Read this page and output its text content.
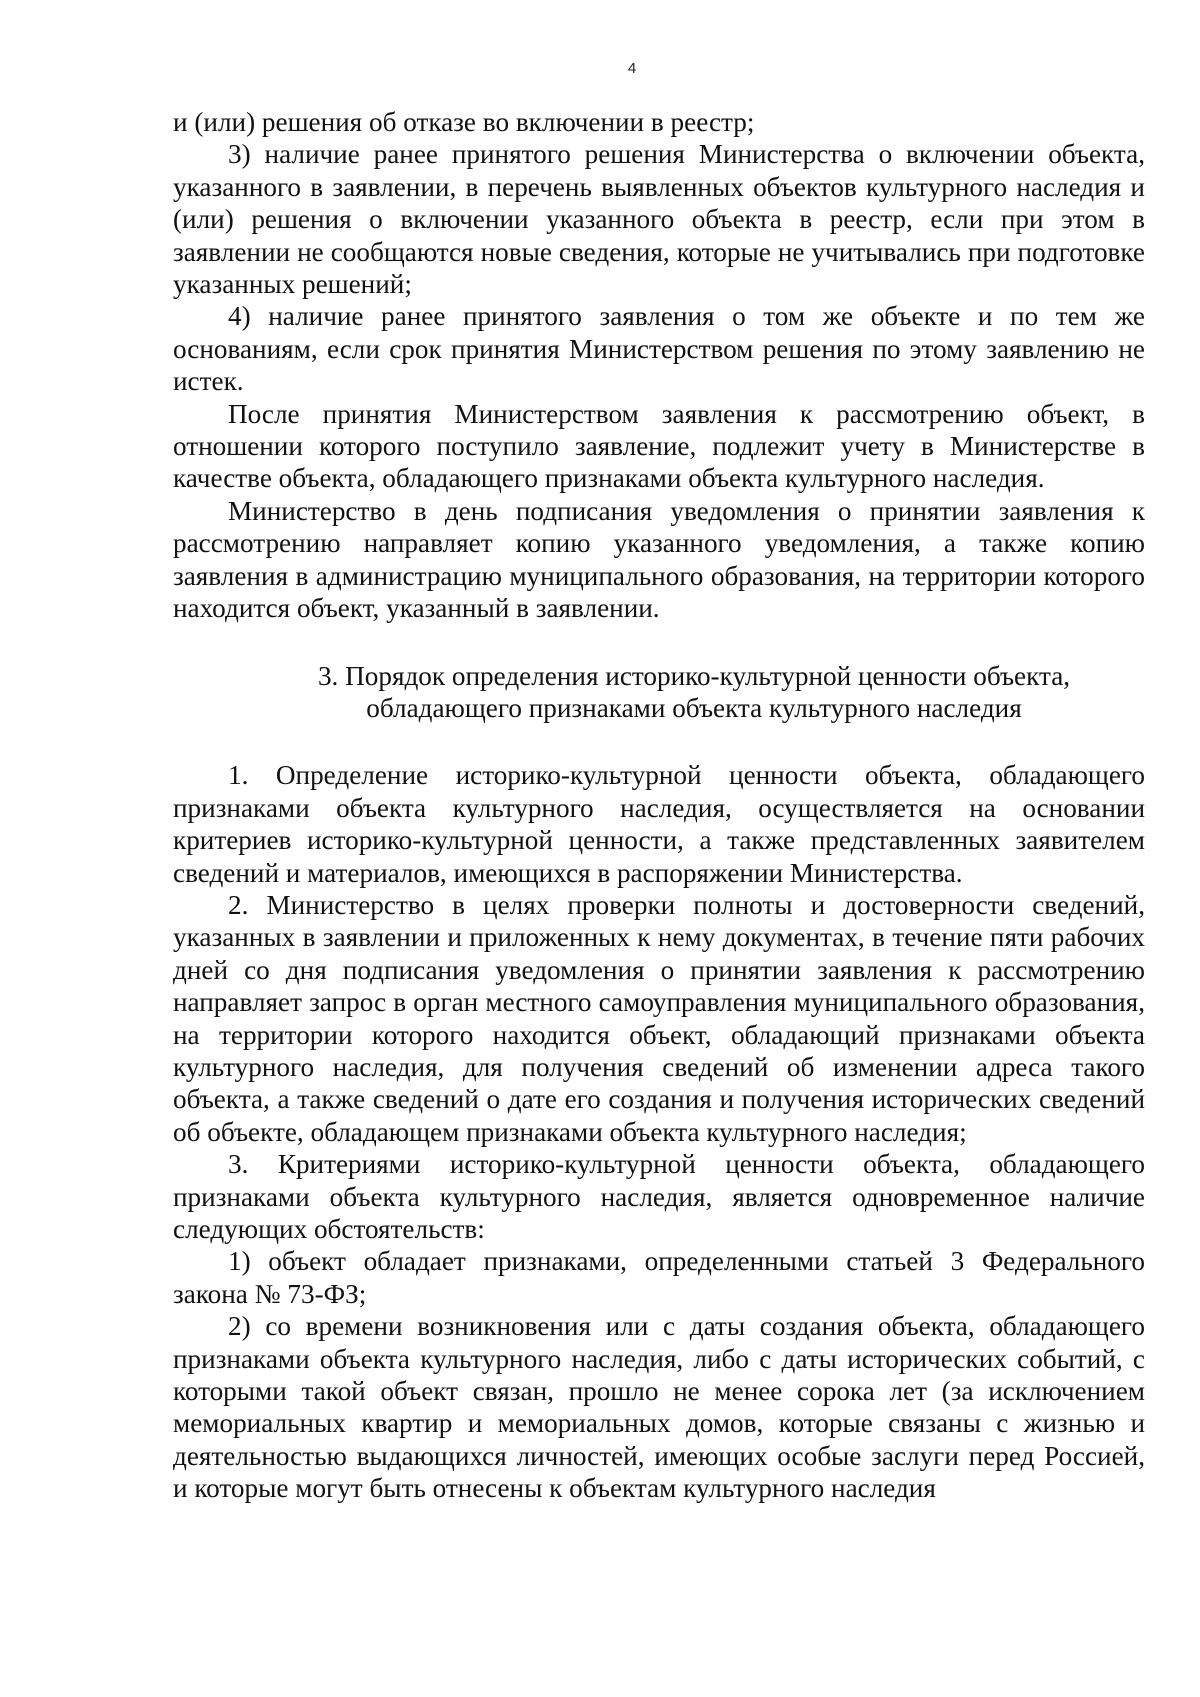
4

и (или) решения об отказе во включении в реестр;

3) наличие ранее принятого решения Министерства о включении объекта, указанного в заявлении, в перечень выявленных объектов культурного наследия и (или) решения о включении указанного объекта в реестр, если при этом в заявлении не сообщаются новые сведения, которые не учитывались при подготовке указанных решений;

4) наличие ранее принятого заявления о том же объекте и по тем же основаниям, если срок принятия Министерством решения по этому заявлению не истек.

После принятия Министерством заявления к рассмотрению объект, в отношении которого поступило заявление, подлежит учету в Министерстве в качестве объекта, обладающего признаками объекта культурного наследия.

Министерство в день подписания уведомления о принятии заявления к рассмотрению направляет копию указанного уведомления, а также копию заявления в администрацию муниципального образования, на территории которого находится объект, указанный в заявлении.

3. Порядок определения историко-культурной ценности объекта,
обладающего признаками объекта культурного наследия

1. Определение историко-культурной ценности объекта, обладающего признаками объекта культурного наследия, осуществляется на основании критериев историко-культурной ценности, а также представленных заявителем сведений и материалов, имеющихся в распоряжении Министерства.

2. Министерство в целях проверки полноты и достоверности сведений, указанных в заявлении и приложенных к нему документах, в течение пяти рабочих дней со дня подписания уведомления о принятии заявления к рассмотрению направляет запрос в орган местного самоуправления муниципального образования, на территории которого находится объект, обладающий признаками объекта культурного наследия, для получения сведений об изменении адреса такого объекта, а также сведений о дате его создания и получения исторических сведений об объекте, обладающем признаками объекта культурного наследия;

3. Критериями историко-культурной ценности объекта, обладающего признаками объекта культурного наследия, является одновременное наличие следующих обстоятельств:

1) объект обладает признаками, определенными статьей 3 Федерального закона № 73-ФЗ;

2) со времени возникновения или с даты создания объекта, обладающего признаками объекта культурного наследия, либо с даты исторических событий, с которыми такой объект связан, прошло не менее сорока лет (за исключением мемориальных квартир и мемориальных домов, которые связаны с жизнью и деятельностью выдающихся личностей, имеющих особые заслуги перед Россией, и которые могут быть отнесены к объектам культурного наследия
